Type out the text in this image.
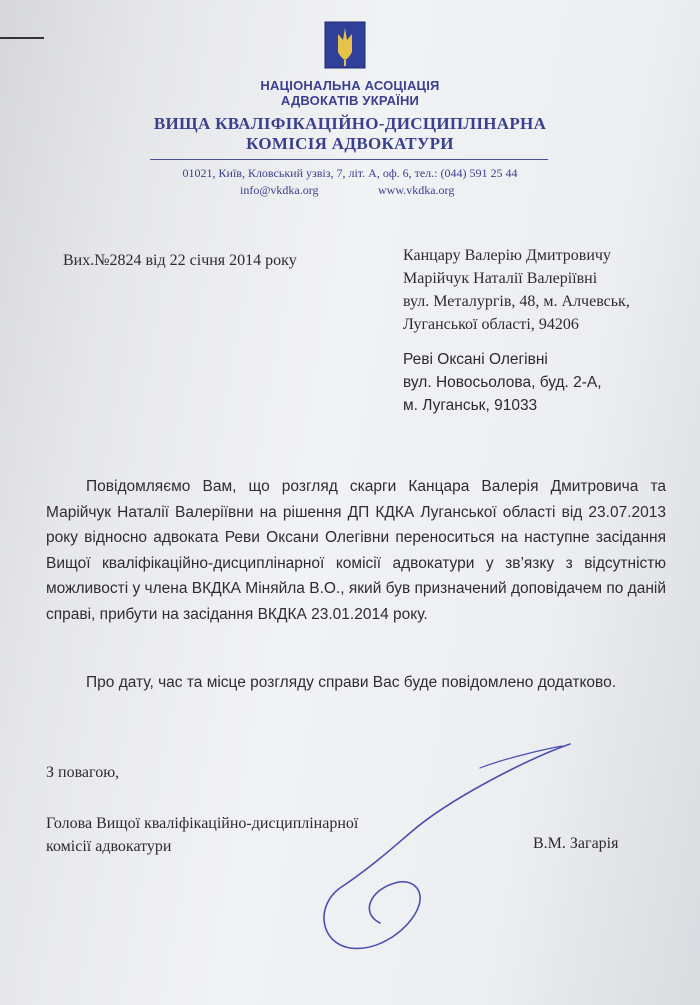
НАЦІОНАЛЬНА АСОЦІАЦІЯ
АДВОКАТІВ УКРАЇНИ
ВИЩА КВАЛІФІКАЦІЙНО-ДИСЦИПЛІНАРНА
КОМІСІЯ АДВОКАТУРИ
01021, Київ, Кловський узвіз, 7, літ. А, оф. 6, тел.: (044) 591 25 44
info@vkdka.org	www.vkdka.org
Вих.№2824 від 22 січня 2014 року	Канцару Валерію Дмитровичу
Марійчук Наталії Валеріївні
вул. Металургів, 48, м. Алчевськ,
Луганської області, 94206
Реві Оксані Олегівні
вул. Новосьолова, буд. 2-А,
м. Луганськ, 91033
Повідомляємо Вам, що розгляд скарги Канцара Валерія Дмитровича та Марійчук Наталії Валеріївни на рішення ДП КДКА Луганської області від 23.07.2013 року відносно адвоката Реви Оксани Олегівни переноситься на наступне засідання Вищої кваліфікаційно-дисциплінарної комісії адвокатури у зв’язку з відсутністю можливості у члена ВКДКА Міняйла В.О., який був призначений доповідачем по даній справі, прибути на засідання ВКДКА 23.01.2014 року.
Про дату, час та місце розгляду справи Вас буде повідомлено додатково.
З повагою,
Голова Вищої кваліфікаційно-дисциплінарної
комісії адвокатури	В.М. Загарія
